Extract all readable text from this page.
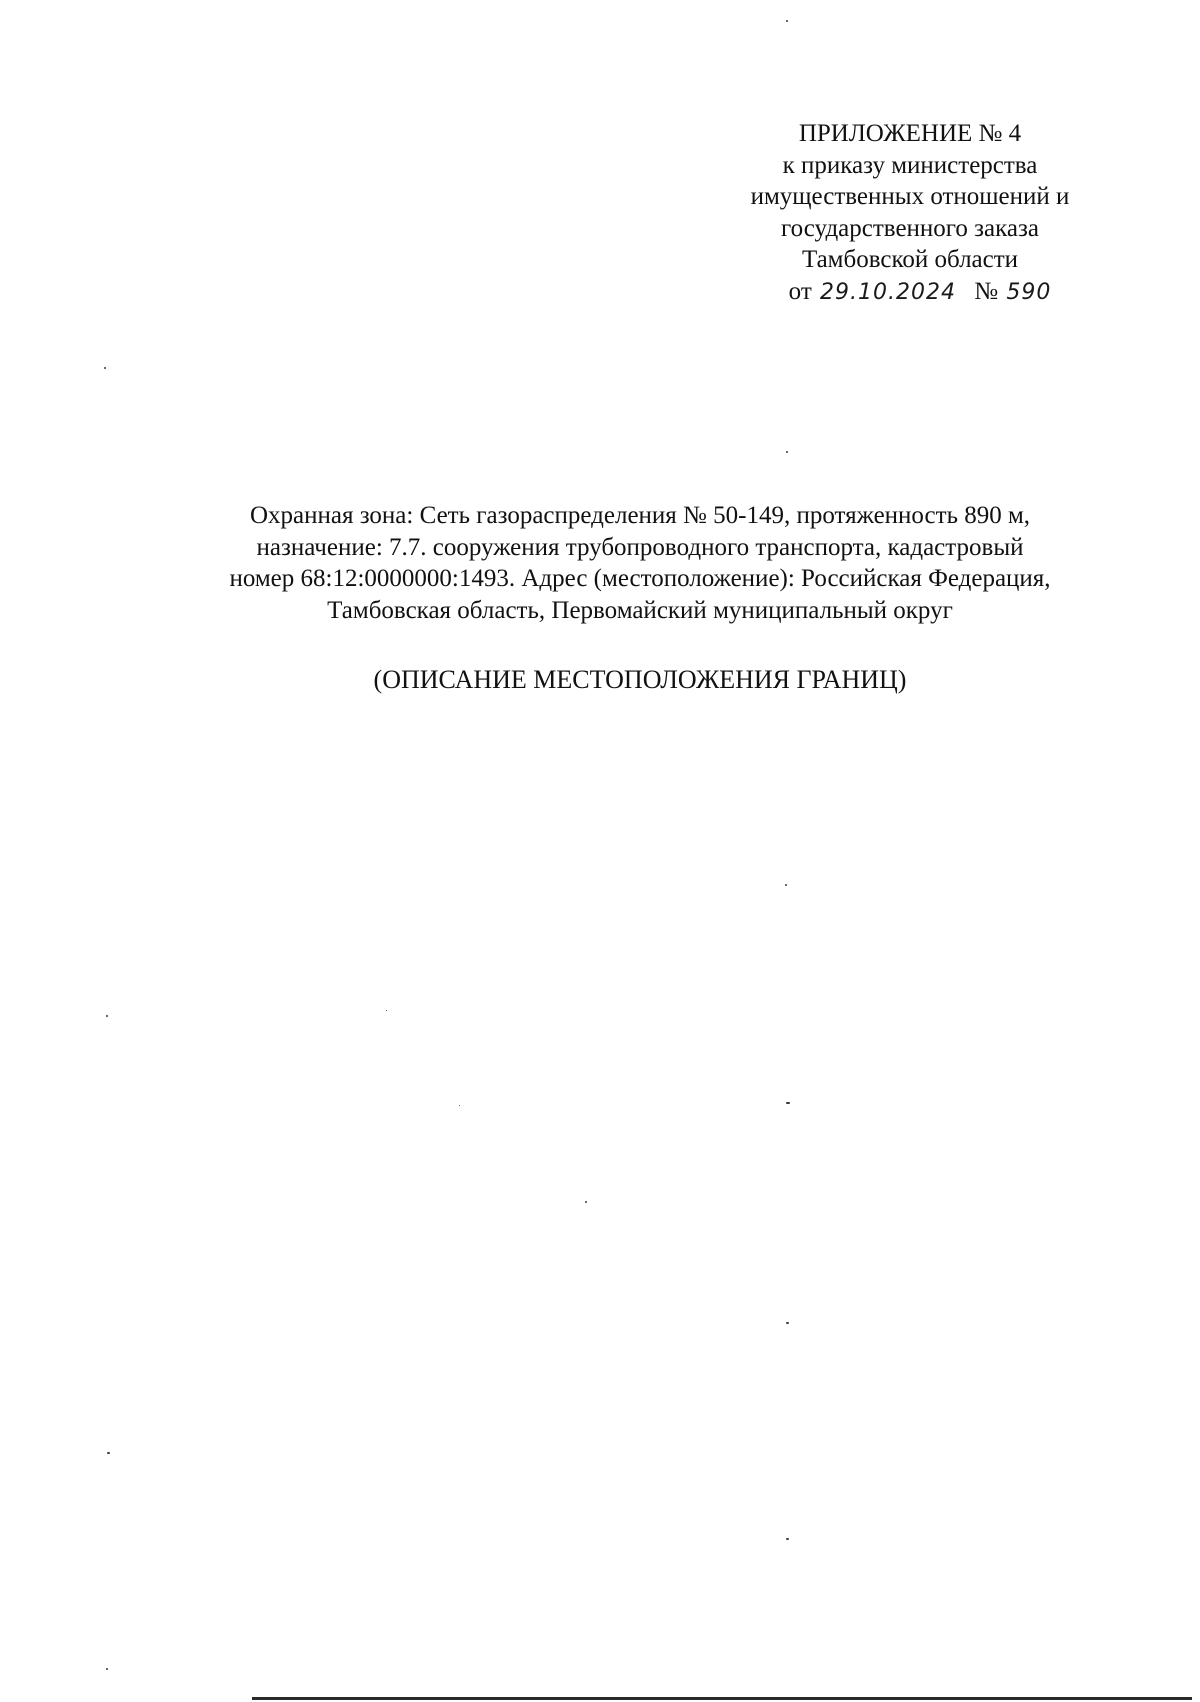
ПРИЛОЖЕНИЕ № 4
к приказу министерства
имущественных отношений и
государственного заказа
Тамбовской области
от 29.10.2024 № 590
Охранная зона: Сеть газораспределения № 50-149, протяженность 890 м,
назначение: 7.7. сооружения трубопроводного транспорта, кадастровый
номер 68:12:0000000:1493. Адрес (местоположение): Российская Федерация,
Тамбовская область, Первомайский муниципальный округ
(ОПИСАНИЕ МЕСТОПОЛОЖЕНИЯ ГРАНИЦ)
